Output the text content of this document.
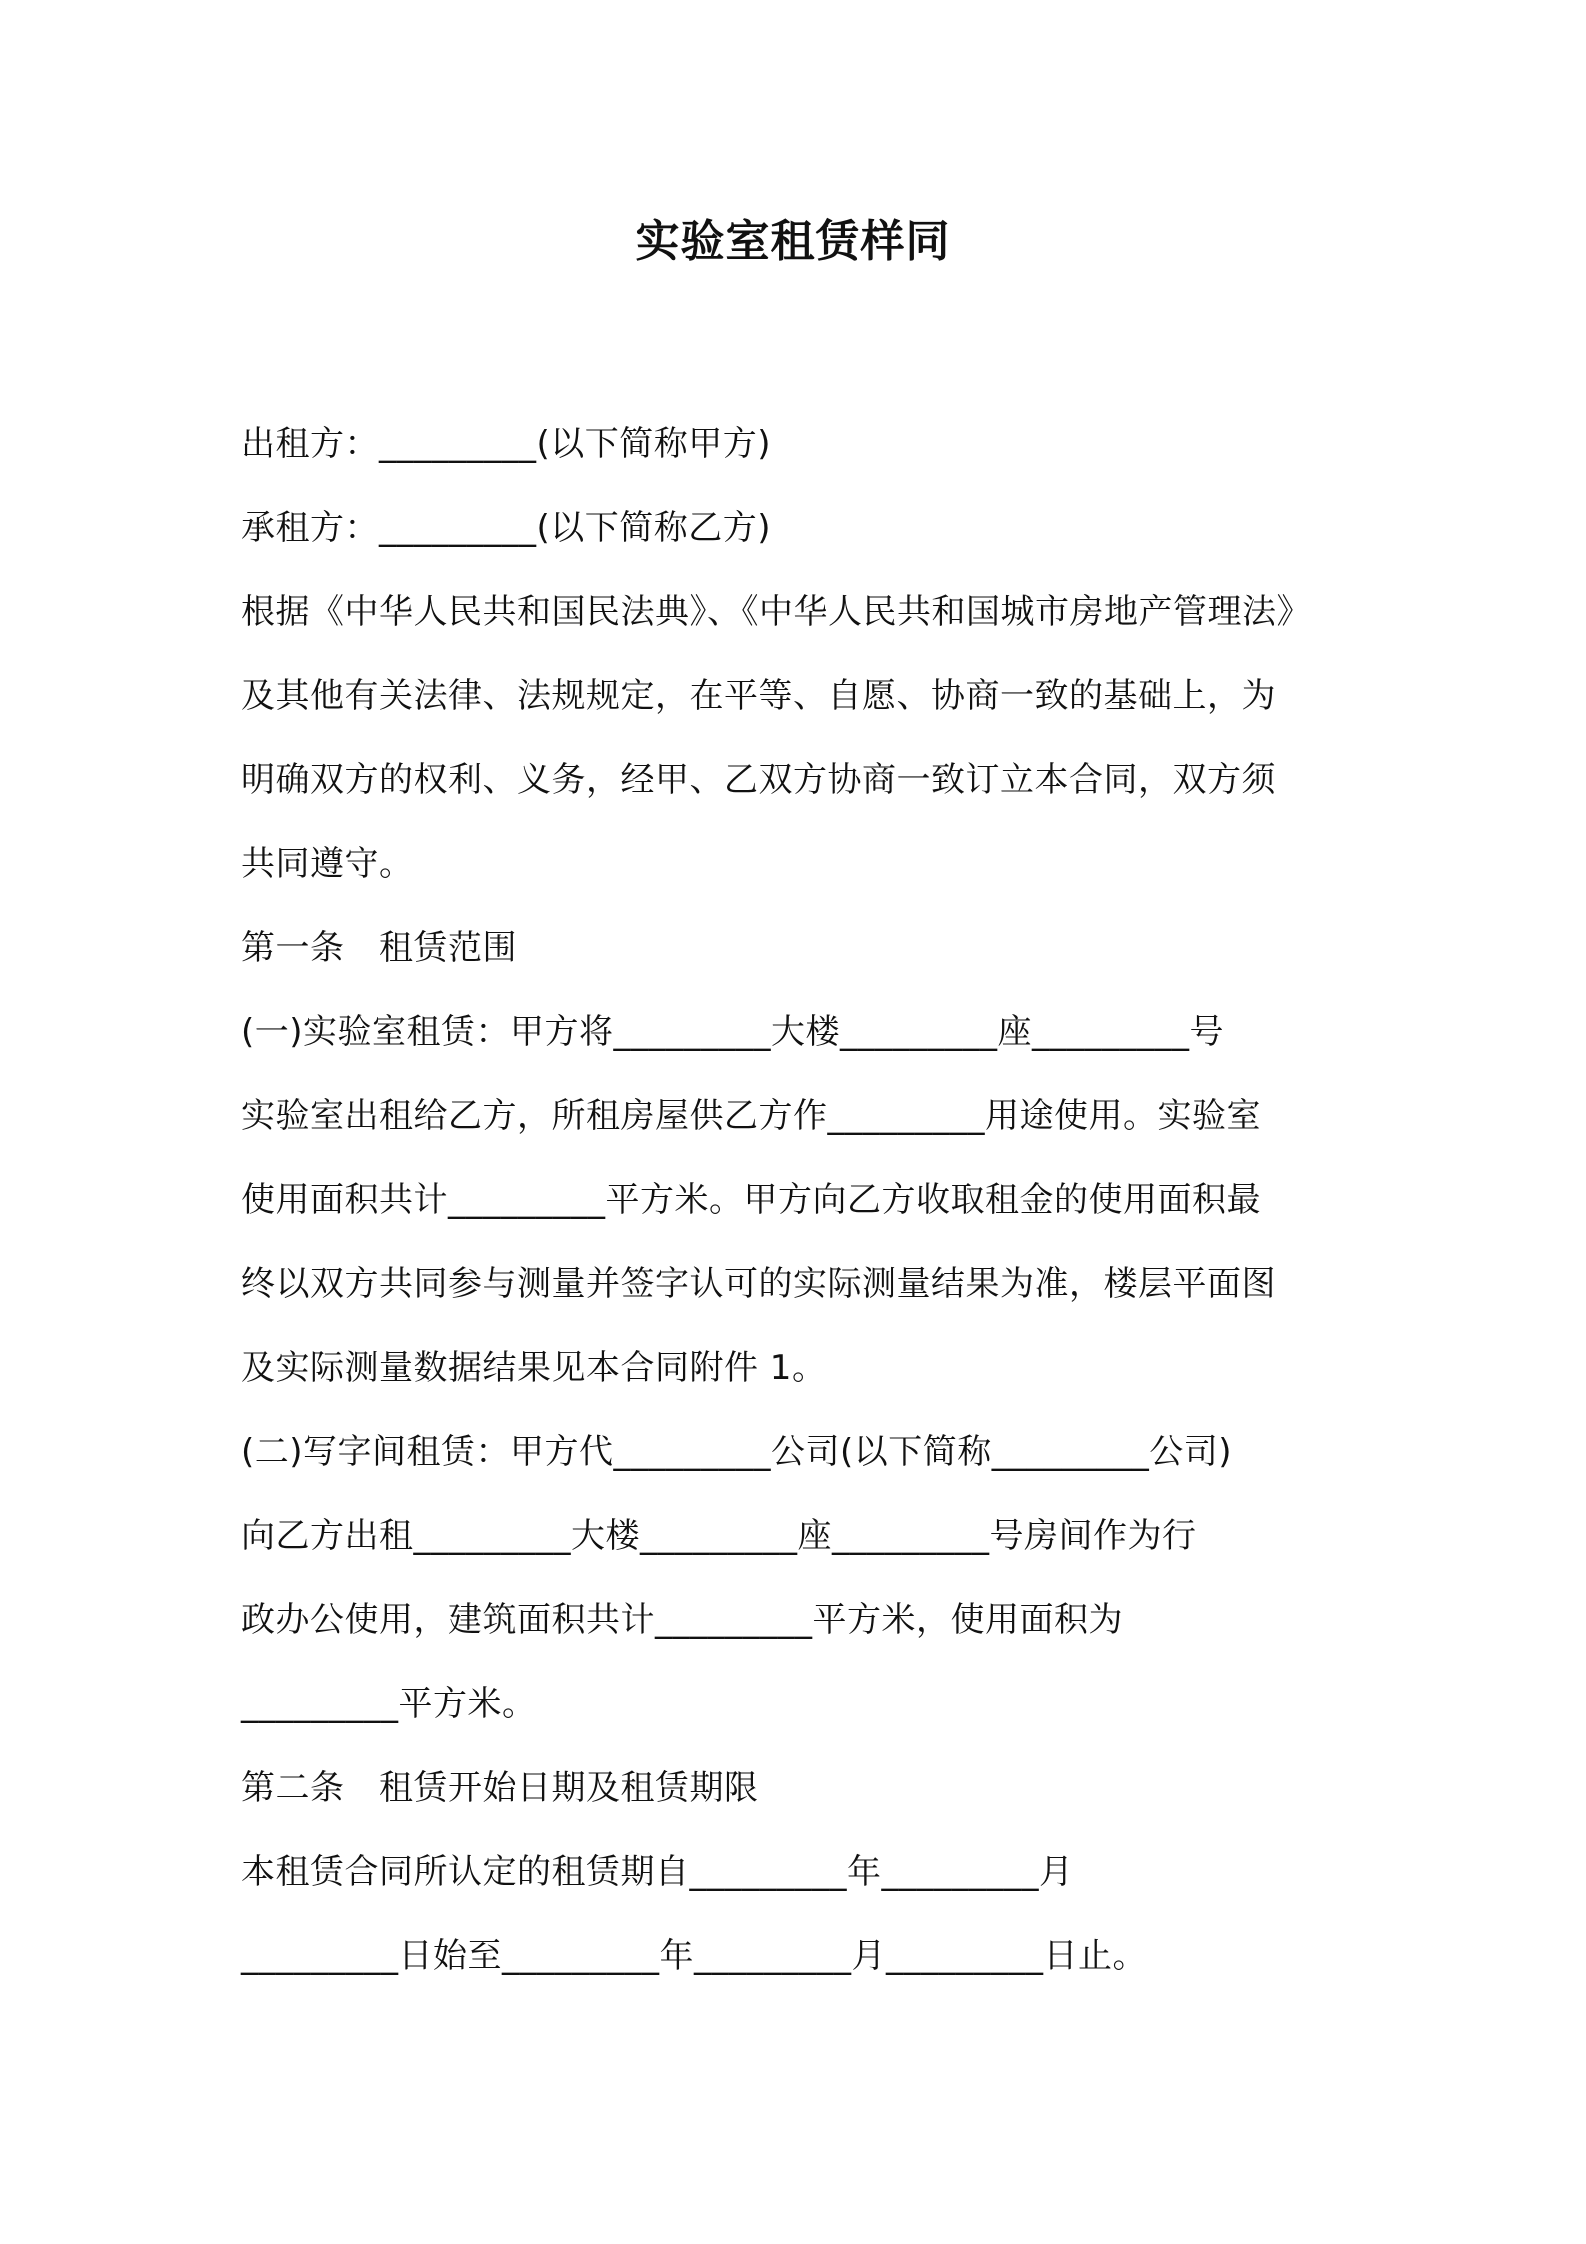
实验室租赁样同
出租方：_________(以下简称甲方)
承租方：_________(以下简称乙方)
根据《中华人民共和国民法典》、《中华人民共和国城市房地产管理法》
及其他有关法律、法规规定，在平等、自愿、协商一致的基础上，为
明确双方的权利、义务，经甲、乙双方协商一致订立本合同，双方须
共同遵守。
第一条　租赁范围
(一)实验室租赁：甲方将_________大楼_________座_________号
实验室出租给乙方，所租房屋供乙方作_________用途使用。实验室
使用面积共计_________平方米。甲方向乙方收取租金的使用面积最
终以双方共同参与测量并签字认可的实际测量结果为准，楼层平面图
及实际测量数据结果见本合同附件 1。
(二)写字间租赁：甲方代_________公司(以下简称_________公司)
向乙方出租_________大楼_________座_________号房间作为行
政办公使用，建筑面积共计_________平方米，使用面积为
_________平方米。
第二条　租赁开始日期及租赁期限
本租赁合同所认定的租赁期自_________年_________月
_________日始至_________年_________月_________日止。
